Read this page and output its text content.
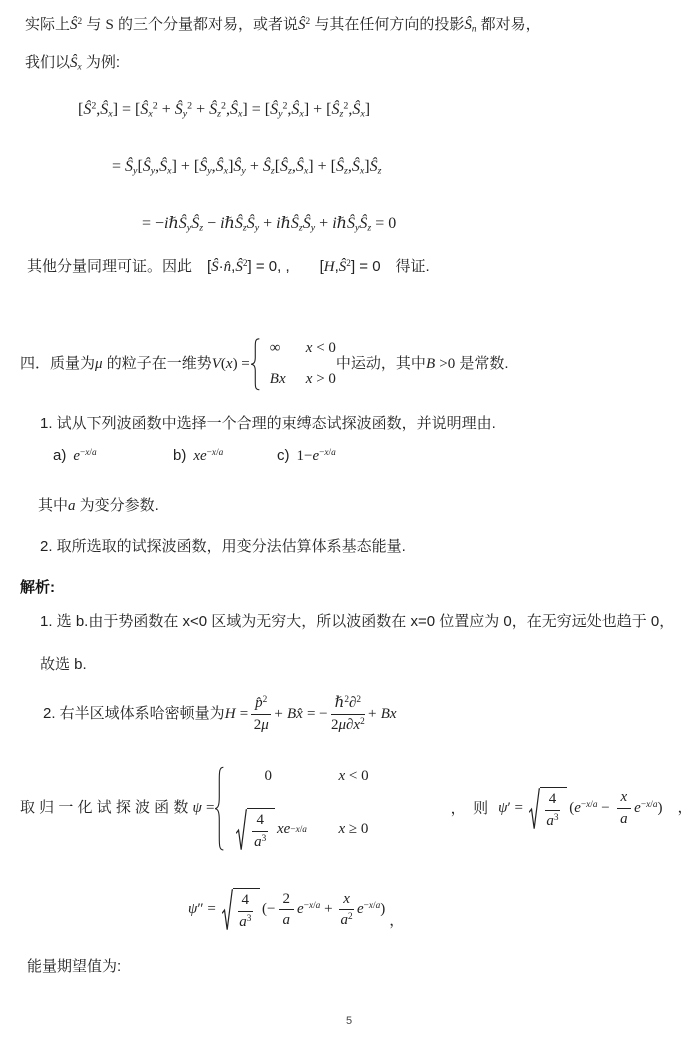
实际上$Ŝ^2$ 与 S 的三个分量都对易，或者说$Ŝ^2$ 与其在任何方向的投影$Ŝ_n$ 都对易，
我们以$Ŝ_x$ 为例:
$[Ŝ^2,Ŝ_x]$ = [$Ŝ_x^2$ + $Ŝ_y^2$ + $Ŝ_z^2,Ŝ_x$] = $[Ŝ_y^2,Ŝ_x]$ + $[Ŝ_z^2,Ŝ_x]$
= $Ŝ_y[Ŝ_y,Ŝ_x]$ + $[Ŝ_y,Ŝ_x]Ŝ_y$ + $Ŝ_z[Ŝ_z,Ŝ_x]$ + $[Ŝ_z,Ŝ_x]Ŝ_z$
= $-i\hbar Ŝ_yŜ_z$ − $i\hbar Ŝ_zŜ_y$ + $i\hbar Ŝ_zŜ_y$ + $i\hbar Ŝ_yŜ_z = 0$
其他分量同理可证。因此　$[Ŝ\cdot n̂,Ŝ^2] = 0$, ,　　$[H,Ŝ^2] = 0$　得证.
四．质量为μ 的粒子在一维势V(x) =
∞	x < 0
Bx	x > 0
中运动，其中B >0 是常数.
1. 试从下列波函数中选择一个合理的束缚态试探波函数，并说明理由.
a) $e^{-x/a}$	b) $xe^{-x/a}$	c) $1-e^{-x/a}$
其中a 为变分参数.
2. 取所选取的试探波函数，用变分法估算体系基态能量.
解析:
1. 选 b.由于势函数在 x<0 区域为无穷大，所以波函数在 x=0 位置应为 0，在无穷远处也趋于 0，
故选 b.
2. 右半区域体系哈密顿量为$H = \frac{p̂^2}{2\mu}$ + Bx̂ = − $\frac{\hbar^2\partial^2}{2\mu\partial x^2} + Bx$
取 归 一 化 试 探 波 函 数 ψ =
0	x < 0
$\frac{4}{a^3}$ xe −x/a x ≥ 0
，　则 $\psi' = \frac{4}{a^3} (e^{-x/a} - \frac{x}{a} e^{-x/a})$　，
$\psi'' = \frac{4}{a^3}$ (− $\frac{2}{a} e^{-x/a} + \frac{x}{a^2} e^{-x/a}$)
，
能量期望值为:
5
